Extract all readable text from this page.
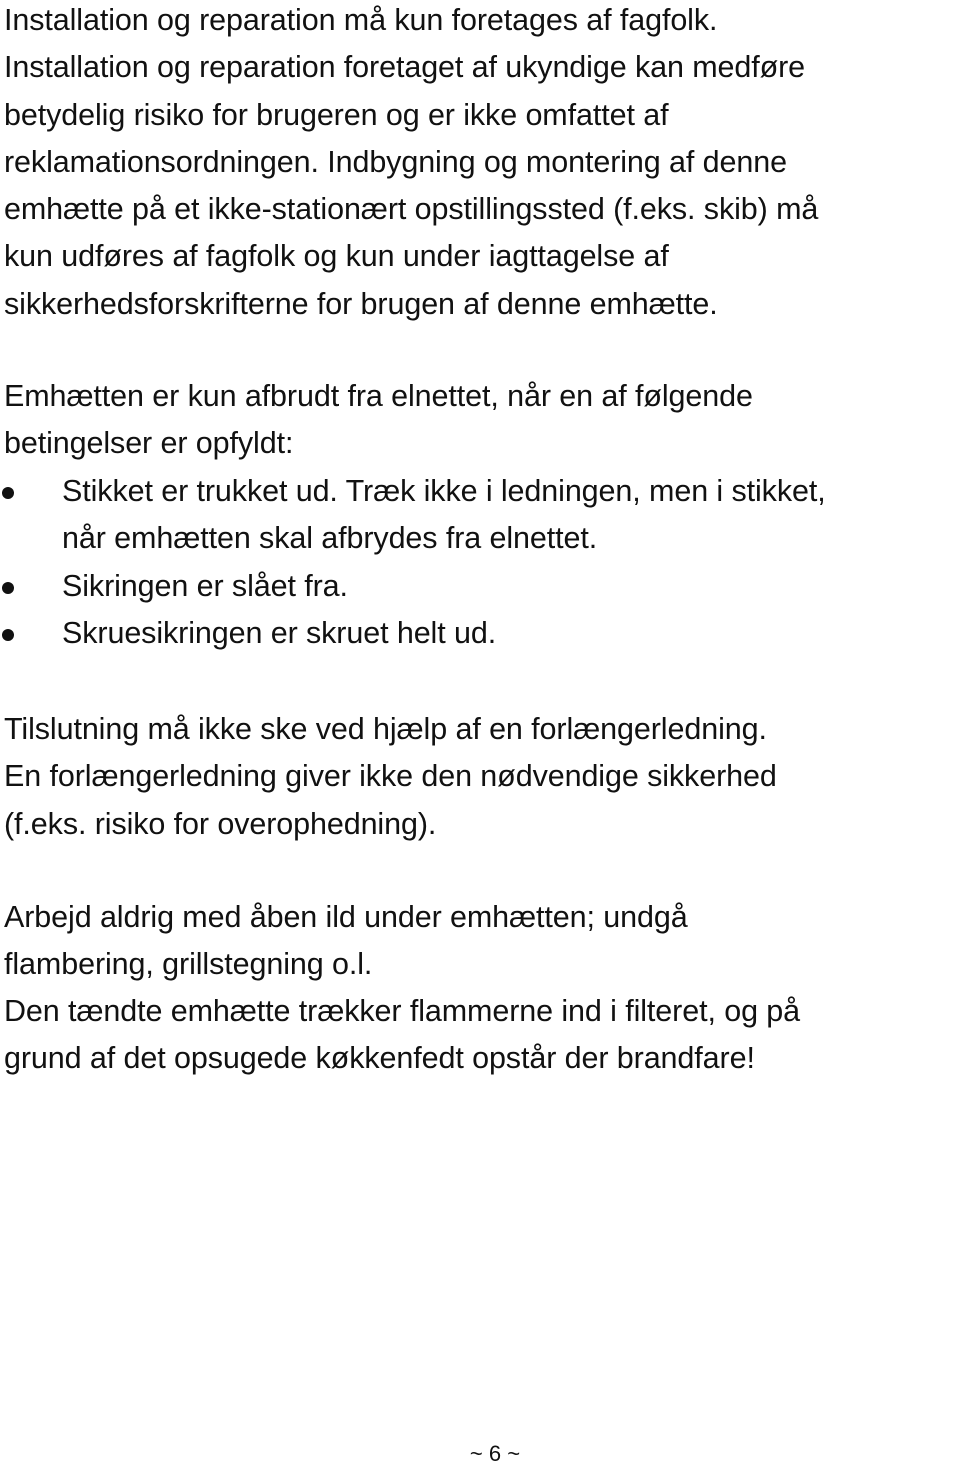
Installation og reparation må kun foretages af fagfolk.
Installation og reparation foretaget af ukyndige kan medføre
betydelig risiko for brugeren og er ikke omfattet af
reklamationsordningen. Indbygning og montering af denne
emhætte på et ikke-stationært opstillingssted (f.eks. skib) må
kun udføres af fagfolk og kun under iagttagelse af
sikkerhedsforskrifterne for brugen af denne emhætte.

Emhætten er kun afbrudt fra elnettet, når en af følgende
betingelser er opfyldt:

Stikket er trukket ud. Træk ikke i ledningen, men i stikket,
når emhætten skal afbrydes fra elnettet.
Sikringen er slået fra.
Skruesikringen er skruet helt ud.

Tilslutning må ikke ske ved hjælp af en forlængerledning.
En forlængerledning giver ikke den nødvendige sikkerhed
(f.eks. risiko for overophedning).

Arbejd aldrig med åben ild under emhætten; undgå
flambering, grillstegning o.l.

Den tændte emhætte trækker flammerne ind i filteret, og på
grund af det opsugede køkkenfedt opstår der brandfare!

~ 6 ~
